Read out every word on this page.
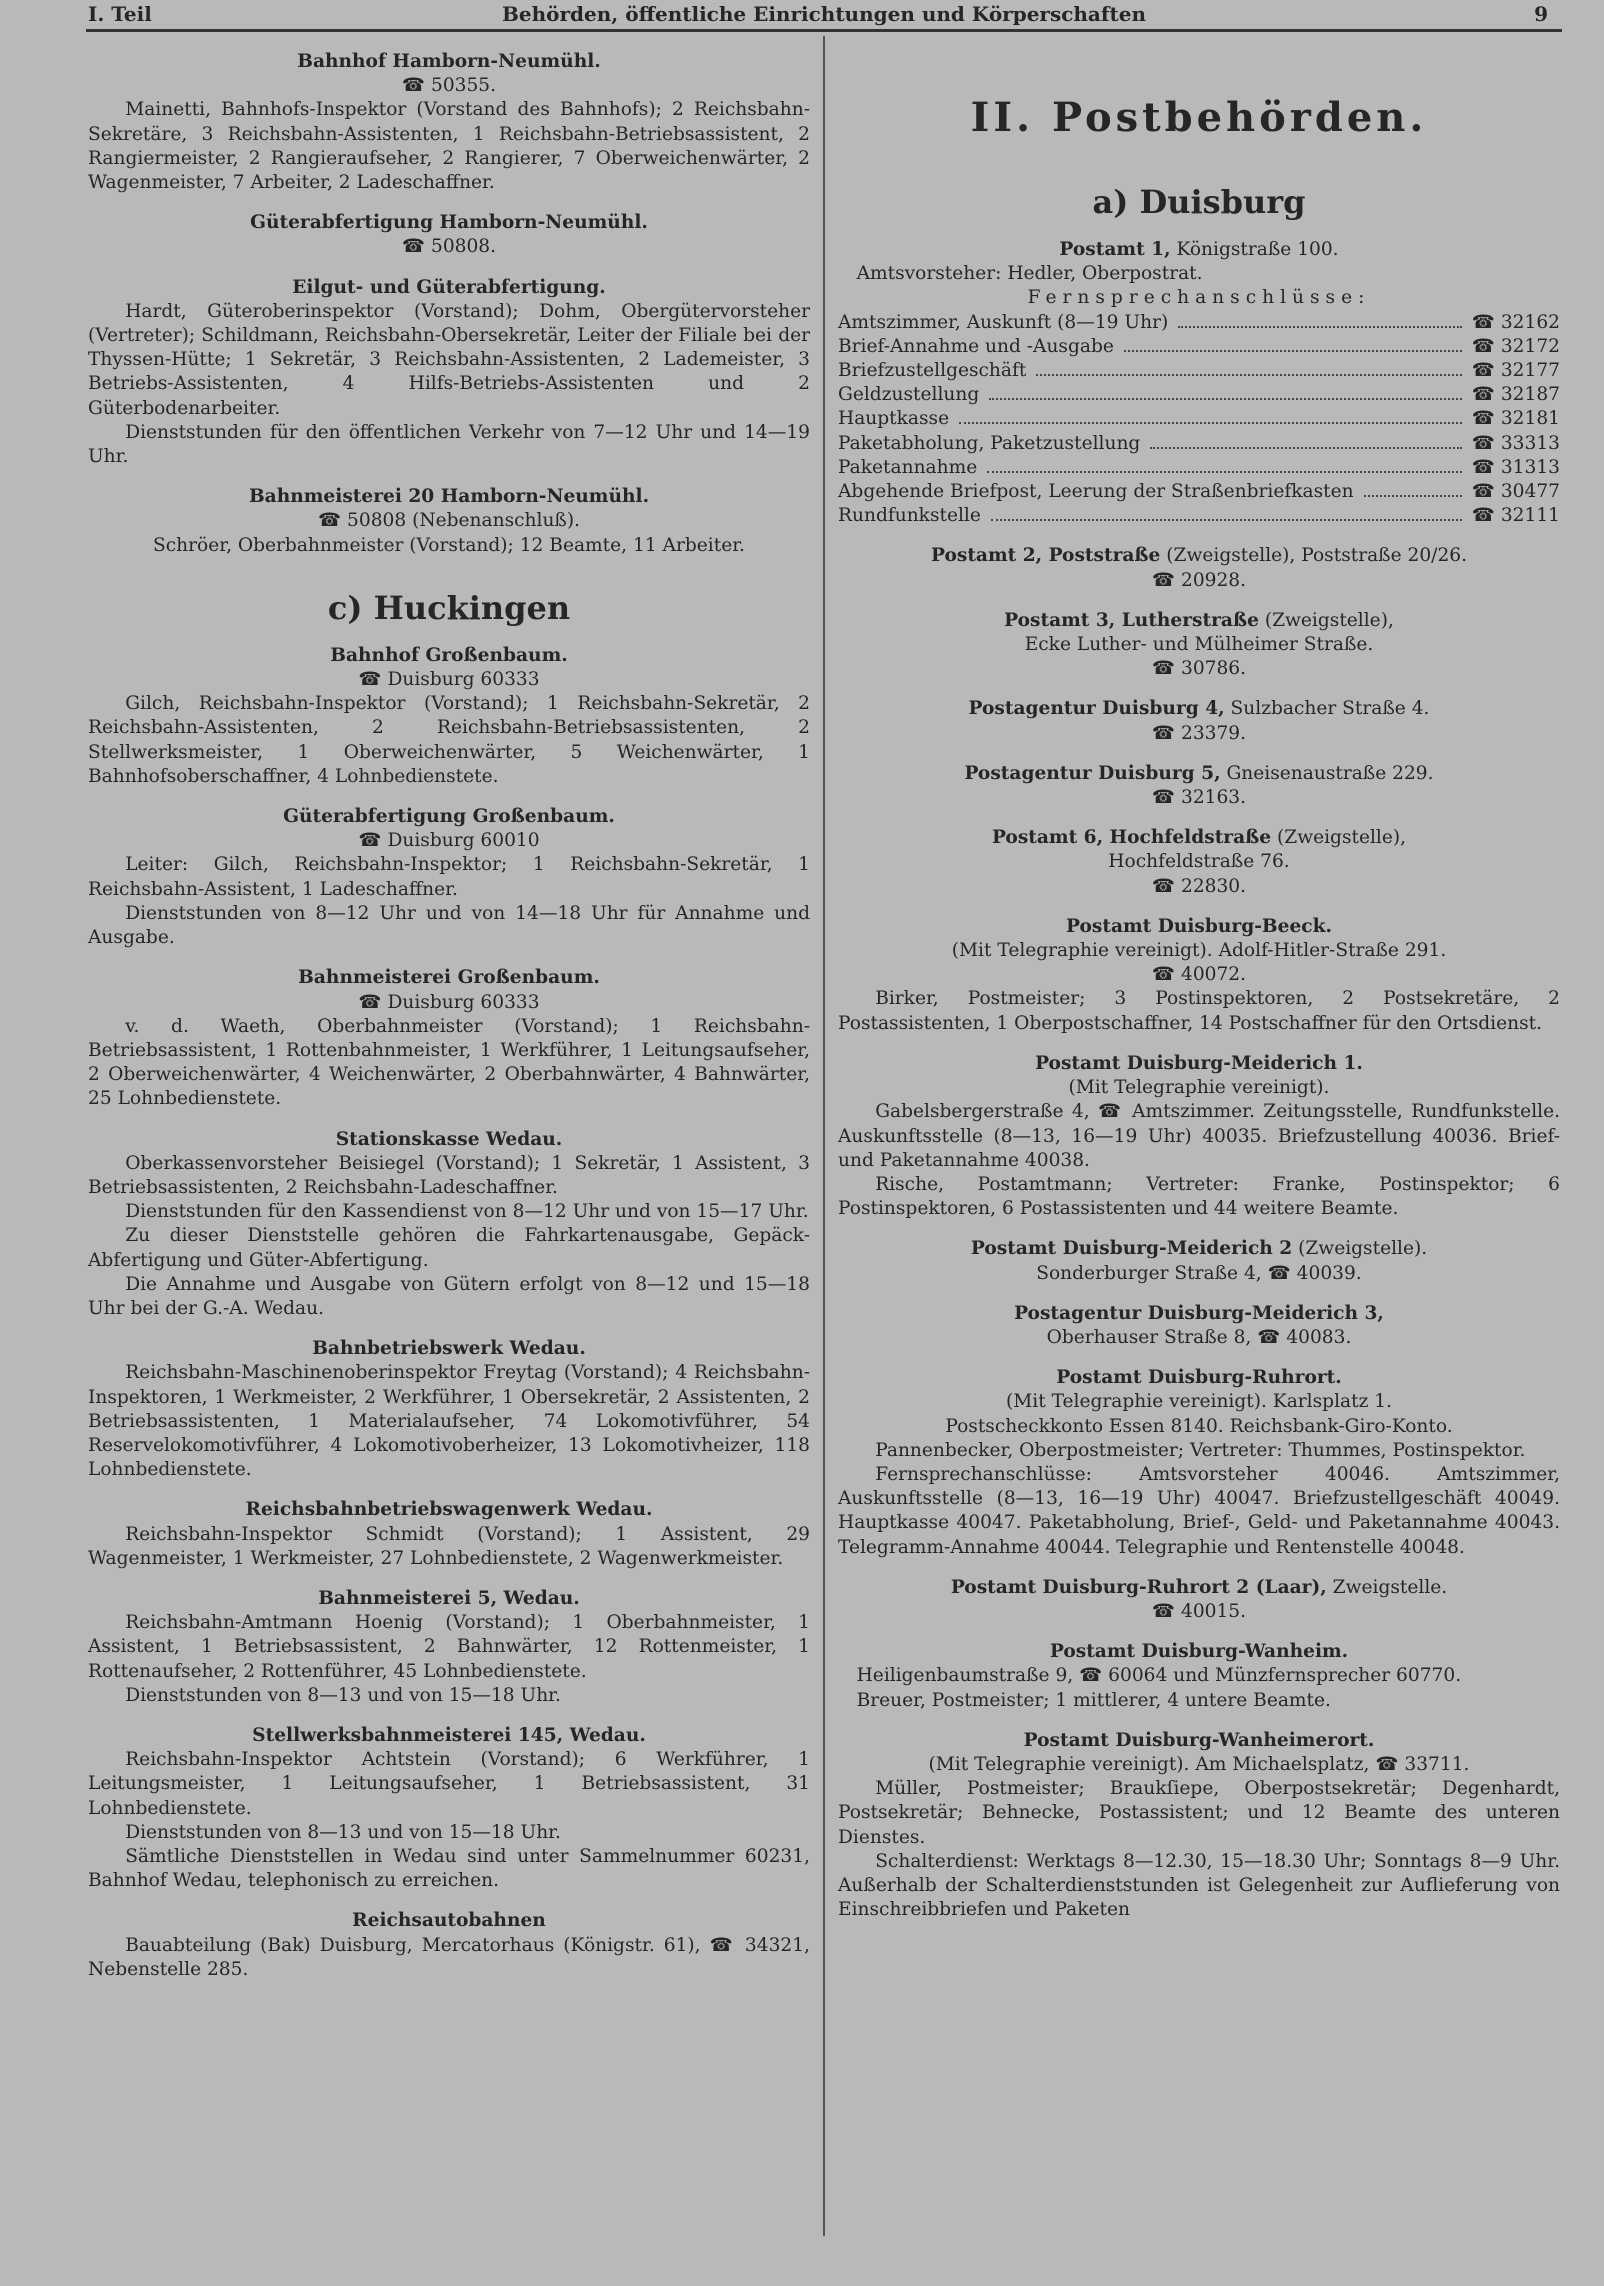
I. Teil	Behörden, öffentliche Einrichtungen und Körperschaften	9
Bahnhof Hamborn-Neumühl.
☎ 50355.
Mainetti, Bahnhofs-Inspektor (Vorstand des Bahnhofs); 2 Reichsbahn-Sekretäre, 3 Reichsbahn-Assistenten, 1 Reichsbahn-Betriebsassistent, 2 Rangiermeister, 2 Rangieraufseher, 2 Rangierer, 7 Oberweichenwärter, 2 Wagenmeister, 7 Arbeiter, 2 Ladeschaffner.
Güterabfertigung Hamborn-Neumühl.
☎ 50808.
Eilgut- und Güterabfertigung.
Hardt, Güteroberinspektor (Vorstand); Dohm, Obergütervorsteher (Vertreter); Schildmann, Reichsbahn-Obersekretär, Leiter der Filiale bei der Thyssen-Hütte; 1 Sekretär, 3 Reichsbahn-Assistenten, 2 Lademeister, 3 Betriebs-Assistenten, 4 Hilfs-Betriebs-Assistenten und 2 Güterbodenarbeiter.
Dienststunden für den öffentlichen Verkehr von 7—12 Uhr und 14—19 Uhr.
Bahnmeisterei 20 Hamborn-Neumühl.
☎ 50808 (Nebenanschluß).
Schröer, Oberbahnmeister (Vorstand); 12 Beamte, 11 Arbeiter.
c) Huckingen
Bahnhof Großenbaum.
☎ Duisburg 60333
Gilch, Reichsbahn-Inspektor (Vorstand); 1 Reichsbahn-Sekretär, 2 Reichsbahn-Assistenten, 2 Reichsbahn-Betriebsassistenten, 2 Stellwerksmeister, 1 Oberweichenwärter, 5 Weichenwärter, 1 Bahnhofsoberschaffner, 4 Lohnbedienstete.
Güterabfertigung Großenbaum.
☎ Duisburg 60010
Leiter: Gilch, Reichsbahn-Inspektor; 1 Reichsbahn-Sekretär, 1 Reichsbahn-Assistent, 1 Ladeschaffner.
Dienststunden von 8—12 Uhr und von 14—18 Uhr für Annahme und Ausgabe.
Bahnmeisterei Großenbaum.
☎ Duisburg 60333
v. d. Waeth, Oberbahnmeister (Vorstand); 1 Reichsbahn-Betriebsassistent, 1 Rottenbahnmeister, 1 Werkführer, 1 Leitungsaufseher, 2 Oberweichenwärter, 4 Weichenwärter, 2 Oberbahnwärter, 4 Bahnwärter, 25 Lohnbedienstete.
Stationskasse Wedau.
Oberkassenvorsteher Beisiegel (Vorstand); 1 Sekretär, 1 Assistent, 3 Betriebsassistenten, 2 Reichsbahn-Ladeschaffner.
Dienststunden für den Kassendienst von 8—12 Uhr und von 15—17 Uhr.
Zu dieser Dienststelle gehören die Fahrkartenausgabe, Gepäck-Abfertigung und Güter-Abfertigung.
Die Annahme und Ausgabe von Gütern erfolgt von 8—12 und 15—18 Uhr bei der G.-A. Wedau.
Bahnbetriebswerk Wedau.
Reichsbahn-Maschinenoberinspektor Freytag (Vorstand); 4 Reichsbahn-Inspektoren, 1 Werkmeister, 2 Werkführer, 1 Obersekretär, 2 Assistenten, 2 Betriebsassistenten, 1 Materialaufseher, 74 Lokomotivführer, 54 Reservelokomotivführer, 4 Lokomotivoberheizer, 13 Lokomotivheizer, 118 Lohnbedienstete.
Reichsbahnbetriebswagenwerk Wedau.
Reichsbahn-Inspektor Schmidt (Vorstand); 1 Assistent, 29 Wagenmeister, 1 Werkmeister, 27 Lohnbedienstete, 2 Wagenwerkmeister.
Bahnmeisterei 5, Wedau.
Reichsbahn-Amtmann Hoenig (Vorstand); 1 Oberbahnmeister, 1 Assistent, 1 Betriebsassistent, 2 Bahnwärter, 12 Rottenmeister, 1 Rottenaufseher, 2 Rottenführer, 45 Lohnbedienstete.
Dienststunden von 8—13 und von 15—18 Uhr.
Stellwerksbahnmeisterei 145, Wedau.
Reichsbahn-Inspektor Achtstein (Vorstand); 6 Werkführer, 1 Leitungsmeister, 1 Leitungsaufseher, 1 Betriebsassistent, 31 Lohnbedienstete.
Dienststunden von 8—13 und von 15—18 Uhr.
Sämtliche Dienststellen in Wedau sind unter Sammelnummer 60231, Bahnhof Wedau, telephonisch zu erreichen.
Reichsautobahnen
Bauabteilung (Bak) Duisburg, Mercatorhaus (Königstr. 61), ☎ 34321, Nebenstelle 285.
II. Postbehörden.
a) Duisburg
Postamt 1, Königstraße 100.
Amtsvorsteher: Hedler, Oberpostrat.
Fernsprechanschlüsse:
Amtszimmer, Auskunft (8—19 Uhr)	☎ 32162
Brief-Annahme und -Ausgabe	☎ 32172
Briefzustellgeschäft	☎ 32177
Geldzustellung	☎ 32187
Hauptkasse	☎ 32181
Paketabholung, Paketzustellung	☎ 33313
Paketannahme	☎ 31313
Abgehende Briefpost, Leerung der Straßenbriefkasten	☎ 30477
Rundfunkstelle	☎ 32111
Postamt 2, Poststraße (Zweigstelle), Poststraße 20/26.
☎ 20928.
Postamt 3, Lutherstraße (Zweigstelle),
Ecke Luther- und Mülheimer Straße.
☎ 30786.
Postagentur Duisburg 4, Sulzbacher Straße 4.
☎ 23379.
Postagentur Duisburg 5, Gneisenaustraße 229.
☎ 32163.
Postamt 6, Hochfeldstraße (Zweigstelle),
Hochfeldstraße 76.
☎ 22830.
Postamt Duisburg-Beeck.
(Mit Telegraphie vereinigt). Adolf-Hitler-Straße 291.
☎ 40072.
Birker, Postmeister; 3 Postinspektoren, 2 Postsekretäre, 2 Postassistenten, 1 Oberpostschaffner, 14 Postschaffner für den Ortsdienst.
Postamt Duisburg-Meiderich 1.
(Mit Telegraphie vereinigt).
Gabelsbergerstraße 4, ☎ Amtszimmer. Zeitungsstelle, Rundfunkstelle. Auskunftsstelle (8—13, 16—19 Uhr) 40035. Briefzustellung 40036. Brief- und Paketannahme 40038.
Rische, Postamtmann; Vertreter: Franke, Postinspektor; 6 Postinspektoren, 6 Postassistenten und 44 weitere Beamte.
Postamt Duisburg-Meiderich 2 (Zweigstelle).
Sonderburger Straße 4, ☎ 40039.
Postagentur Duisburg-Meiderich 3,
Oberhauser Straße 8, ☎ 40083.
Postamt Duisburg-Ruhrort.
(Mit Telegraphie vereinigt). Karlsplatz 1.
Postscheckkonto Essen 8140. Reichsbank-Giro-Konto.
Pannenbecker, Oberpostmeister; Vertreter: Thummes, Postinspektor.
Fernsprechanschlüsse: Amtsvorsteher 40046. Amtszimmer, Auskunftsstelle (8—13, 16—19 Uhr) 40047. Briefzustellgeschäft 40049. Hauptkasse 40047. Paketabholung, Brief-, Geld- und Paketannahme 40043. Telegramm-Annahme 40044. Telegraphie und Rentenstelle 40048.
Postamt Duisburg-Ruhrort 2 (Laar), Zweigstelle.
☎ 40015.
Postamt Duisburg-Wanheim.
Heiligenbaumstraße 9, ☎ 60064 und Münzfernsprecher 60770.
Breuer, Postmeister; 1 mittlerer, 4 untere Beamte.
Postamt Duisburg-Wanheimerort.
(Mit Telegraphie vereinigt). Am Michaelsplatz, ☎ 33711.
Müller, Postmeister; Braukſiepe, Oberpostsekretär; Degenhardt, Postsekretär; Behnecke, Postassistent; und 12 Beamte des unteren Dienstes.
Schalterdienst: Werktags 8—12.30, 15—18.30 Uhr; Sonntags 8—9 Uhr. Außerhalb der Schalterdienststunden ist Gelegenheit zur Auflieferung von Einschreibbriefen und Paketen
